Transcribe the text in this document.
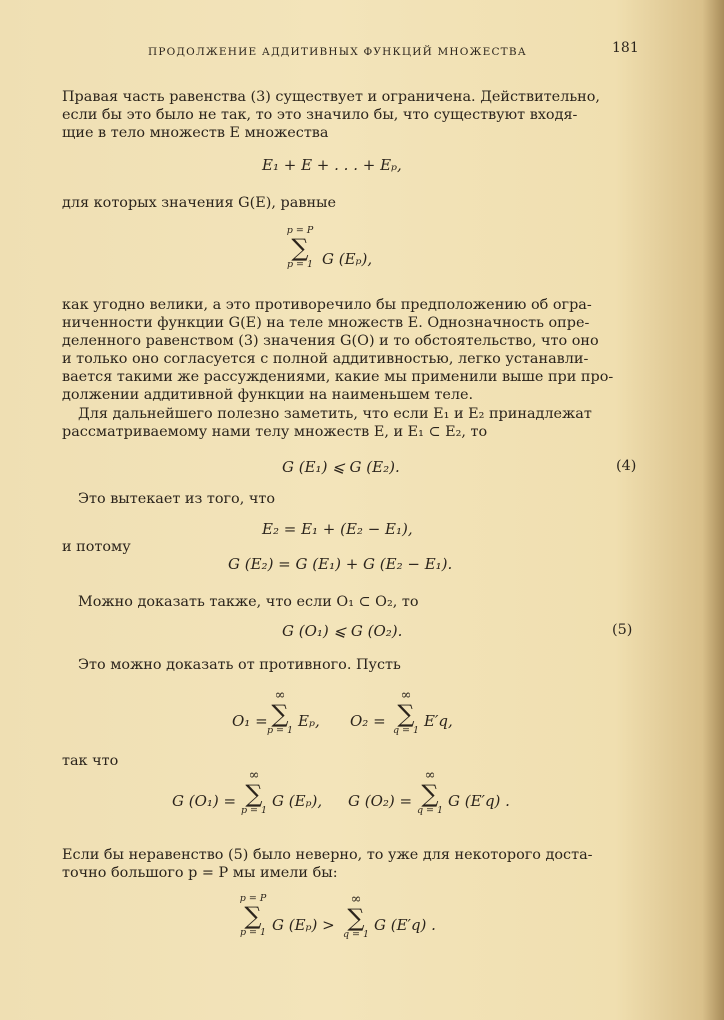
ПРОДОЛЖЕНИЕ АДДИТИВНЫХ ФУНКЦИЙ МНОЖЕСТВА	181
Правая часть равенства (3) существует и ограничена. Действительно,
если бы это было не так, то это значило бы, что существуют входя-
щие в тело множеств E множества
E₁ + E + . . . + Eₚ,
для которых значения G(E), равные
p = P
∑
p = 1 G (Eₚ),
как угодно велики, а это противоречило бы предположению об огра-
ниченности функции G(E) на теле множеств E. Однозначность опре-
деленного равенством (3) значения G(O) и то обстоятельство, что оно
и только оно согласуется с полной аддитивностью, легко устанавли-
вается такими же рассуждениями, какие мы применили выше при про-
должении аддитивной функции на наименьшем теле.
Для дальнейшего полезно заметить, что если E₁ и E₂ принадлежат
рассматриваемому нами телу множеств E, и E₁ ⊂ E₂, то
G (E₁) ⩽ G (E₂).	(4)
Это вытекает из того, что
E₂ = E₁ + (E₂ − E₁),
и потому
G (E₂) = G (E₁) + G (E₂ − E₁).
Можно доказать также, что если O₁ ⊂ O₂, то
G (O₁) ⩽ G (O₂).	(5)
Это можно доказать от противного. Пусть
O₁ =
∞
∑
p = 1
Eₚ, O₂ =
∞
∑
q = 1
E′q,
так что
G (O₁) =
∞
∑
p = 1
G (Eₚ), G (O₂) =
∞
∑
q = 1
G (E′q) .
Если бы неравенство (5) было неверно, то уже для некоторого доста-
точно большого p = P мы имели бы:
p = P
∑
p = 1 G (Eₚ) >
∞
∑
q = 1
G (E′q) .
